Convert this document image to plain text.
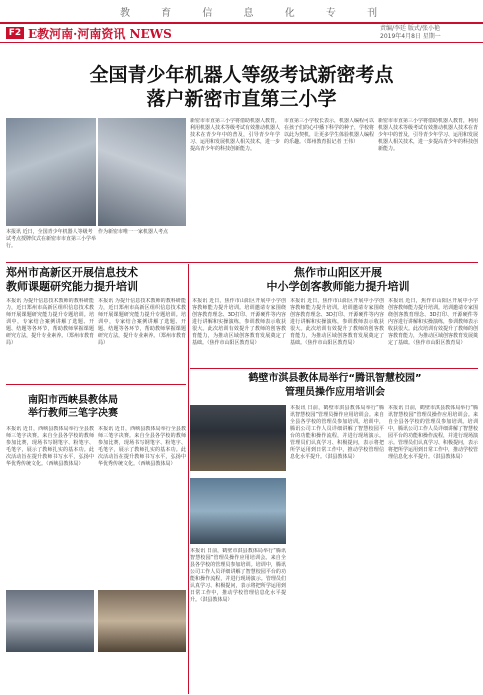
教 育 信 息 化 专 刊
F2 E教河南·河南资讯 NEWS	责编/李廷 版式/张小艳
2019年4月8日 星期一
全国青少年机器人等级考试新密考点
落户新密市直第三小学
本报讯 近日，全国青少年机器人等级考试考点授牌仪式在新密市市直第三小学举行。
作为新密市唯一一家机器人考点
新密市市直第三小学将借助机器人教育，利用机器人技术等级考试有效推动机器人技术在青少年中的普及，引导青少年学习、运用和发展机器人相关技术，进一步提高青少年的科技创新能力。
市直第三小学校长表示，机器人编程可以在孩子们的心中播下科学的种子，学校将以此为契机，让更多学生体验机器人编程的乐趣。（郑州教育报记者 王伟）
新密市市直第三小学将借助机器人教育，利用机器人技术等级考试有效推动机器人技术在青少年中的普及，引导青少年学习、运用和发展机器人相关技术，进一步提高青少年的科技创新能力。
郑州市高新区开展信息技术
教师课题研究能力提升培训
本报讯 为提升信息技术教师的教科研能力，近日郑州市高新区组织信息技术教师开展课题研究能力提升专题培训。培训中，专家结合案例讲解了选题、开题、结题等各环节，帮助教师掌握课题研究方法，提升专业素养。（郑州市教育局）
本报讯 为提升信息技术教师的教科研能力，近日郑州市高新区组织信息技术教师开展课题研究能力提升专题培训。培训中，专家结合案例讲解了选题、开题、结题等各环节，帮助教师掌握课题研究方法，提升专业素养。（郑州市教育局）
南阳市西峡县教体局
举行教师三笔字决赛
本报讯 近日，西峡县教体局举行全县教师三笔字决赛。来自全县各学校的教师参加比赛，现场书写钢笔字、粉笔字、毛笔字，展示了教师扎实的基本功。此次活动旨在提升教师书写水平，弘扬中华优秀传统文化。（西峡县教体局）
本报讯 近日，西峡县教体局举行全县教师三笔字决赛。来自全县各学校的教师参加比赛，现场书写钢笔字、粉笔字、毛笔字，展示了教师扎实的基本功。此次活动旨在提升教师书写水平，弘扬中华优秀传统文化。（西峡县教体局）
焦作市山阳区开展
中小学创客教师能力提升培训
本报讯 近日，焦作市山阳区开展中小学创客教师能力提升培训。培训邀请专家围绕创客教育理念、3D打印、开源硬件等内容进行讲解和实操演练，参训教师表示收获很大。此次培训有效提升了教师的创客教育能力，为推动区域创客教育发展奠定了基础。（焦作市山阳区教育局）
本报讯 近日，焦作市山阳区开展中小学创客教师能力提升培训。培训邀请专家围绕创客教育理念、3D打印、开源硬件等内容进行讲解和实操演练，参训教师表示收获很大。此次培训有效提升了教师的创客教育能力，为推动区域创客教育发展奠定了基础。（焦作市山阳区教育局）
本报讯 近日，焦作市山阳区开展中小学创客教师能力提升培训。培训邀请专家围绕创客教育理念、3D打印、开源硬件等内容进行讲解和实操演练，参训教师表示收获很大。此次培训有效提升了教师的创客教育能力，为推动区域创客教育发展奠定了基础。（焦作市山阳区教育局）
鹤壁市淇县教体局举行“腾讯智慧校园”
管理员操作应用培训会
本报讯 日前，鹤壁市淇县教体局举行“腾讯智慧校园”管理员操作应用培训会。来自全县各学校的管理员参加培训。培训中，腾讯公司工作人员详细讲解了智慧校园平台的功能和操作流程，并进行现场演示。管理员们认真学习、积极提问，表示将把所学运用到日常工作中，推动学校管理信息化水平提升。（淇县教体局）
本报讯 日前，鹤壁市淇县教体局举行“腾讯智慧校园”管理员操作应用培训会。来自全县各学校的管理员参加培训。培训中，腾讯公司工作人员详细讲解了智慧校园平台的功能和操作流程，并进行现场演示。管理员们认真学习、积极提问，表示将把所学运用到日常工作中，推动学校管理信息化水平提升。（淇县教体局）
本报讯 日前，鹤壁市淇县教体局举行“腾讯智慧校园”管理员操作应用培训会。来自全县各学校的管理员参加培训。培训中，腾讯公司工作人员详细讲解了智慧校园平台的功能和操作流程，并进行现场演示。管理员们认真学习、积极提问，表示将把所学运用到日常工作中，推动学校管理信息化水平提升。（淇县教体局）
